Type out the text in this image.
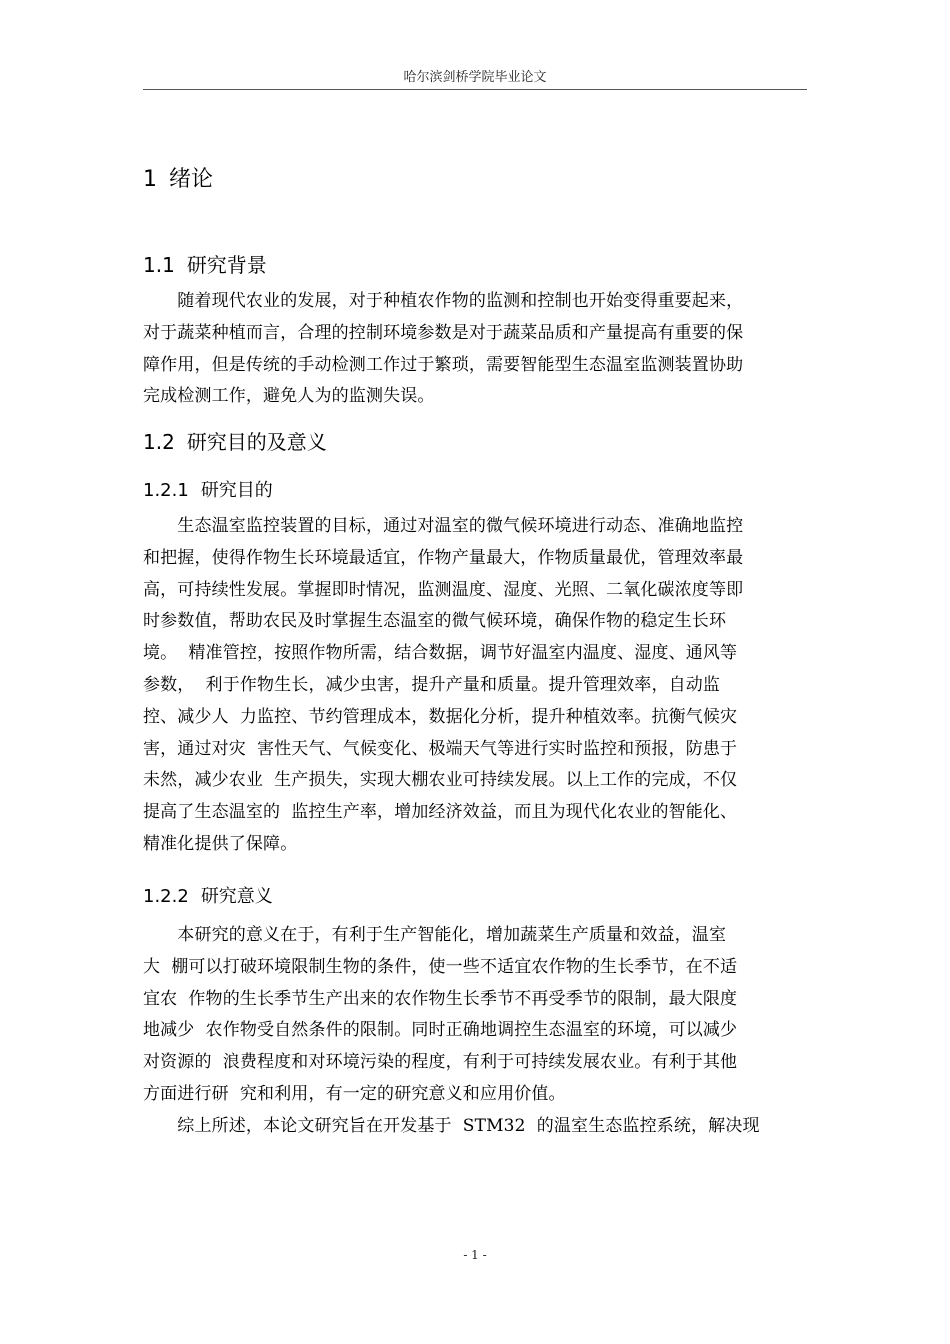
哈尔滨剑桥学院毕业论文
1 绪论
1.1 研究背景
　　随着现代农业的发展，对于种植农作物的监测和控制也开始变得重要起来，
对于蔬菜种植而言，合理的控制环境参数是对于蔬菜品质和产量提高有重要的保
障作用，但是传统的手动检测工作过于繁琐，需要智能型生态温室监测装置协助
完成检测工作，避免人为的监测失误。
1.2 研究目的及意义
1.2.1 研究目的
　　生态温室监控装置的目标，通过对温室的微气候环境进行动态、准确地监控
和把握，使得作物生长环境最适宜，作物产量最大，作物质量最优，管理效率最
高，可持续性发展。掌握即时情况，监测温度、湿度、光照、二氧化碳浓度等即
时参数值，帮助农民及时掌握生态温室的微气候环境，确保作物的稳定生长环
境。  精准管控，按照作物所需，结合数据，调节好温室内温度、湿度、通风等
参数，  利于作物生长，减少虫害，提升产量和质量。提升管理效率，自动监
控、减少人  力监控、节约管理成本，数据化分析，提升种植效率。抗衡气候灾
害，通过对灾  害性天气、气候变化、极端天气等进行实时监控和预报，防患于
未然，减少农业  生产损失，实现大棚农业可持续发展。以上工作的完成，不仅
提高了生态温室的  监控生产率，增加经济效益，而且为现代化农业的智能化、
精准化提供了保障。
1.2.2 研究意义
　　本研究的意义在于，有利于生产智能化，增加蔬菜生产质量和效益，温室
大  棚可以打破环境限制生物的条件，使一些不适宜农作物的生长季节，在不适
宜农  作物的生长季节生产出来的农作物生长季节不再受季节的限制，最大限度
地减少  农作物受自然条件的限制。同时正确地调控生态温室的环境，可以减少
对资源的  浪费程度和对环境污染的程度，有利于可持续发展农业。有利于其他
方面进行研  究和利用，有一定的研究意义和应用价值。
　　综上所述，本论文研究旨在开发基于  STM32  的温室生态监控系统，解决现
- 1 -
